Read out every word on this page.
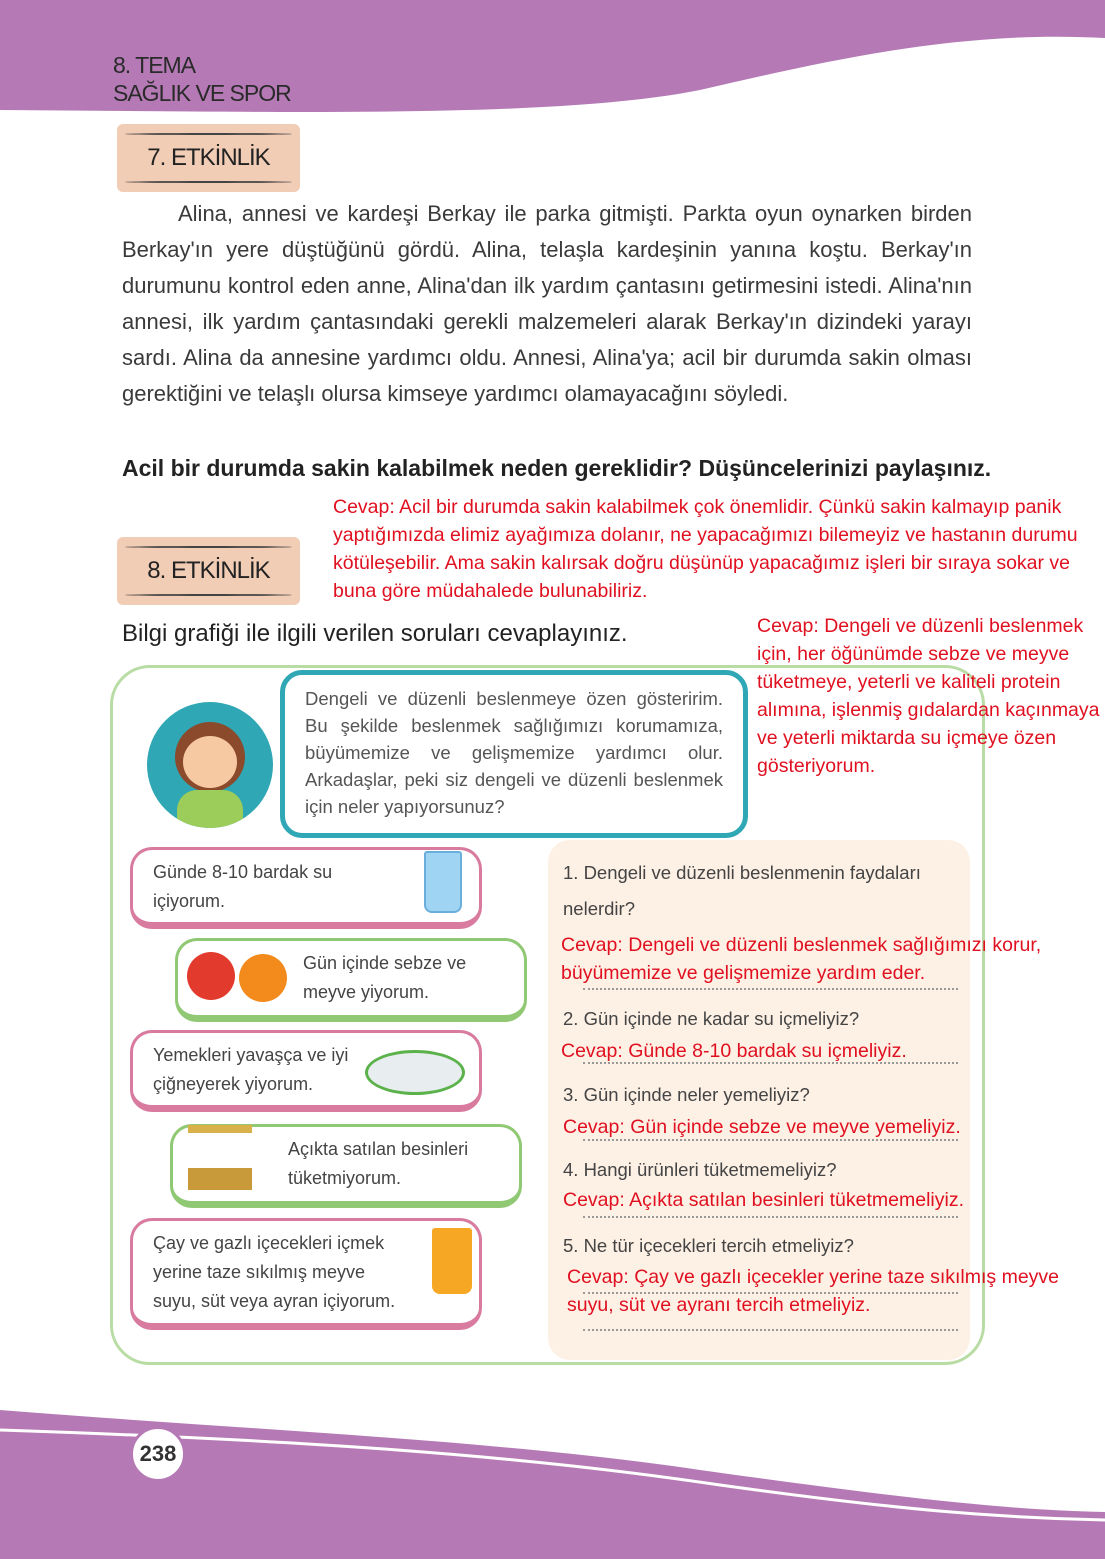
8. TEMA
SAĞLIK VE SPOR
7. ETKİNLİK
Alina, annesi ve kardeşi Berkay ile parka gitmişti. Parkta oyun oynarken birden Berkay'ın yere düştüğünü gördü. Alina, telaşla kardeşinin yanına koştu. Berkay'ın durumunu kontrol eden anne, Alina'dan ilk yardım çantasını getirmesini istedi. Alina'nın annesi, ilk yardım çantasındaki gerekli malzemeleri alarak Berkay'ın dizindeki yarayı sardı. Alina da annesine yardımcı oldu. Annesi, Alina'ya; acil bir durumda sakin olması gerektiğini ve telaşlı olursa kimseye yardımcı olamayacağını söyledi.
Acil bir durumda sakin kalabilmek neden gereklidir? Düşüncelerinizi paylaşınız.
Cevap: Acil bir durumda sakin kalabilmek çok önemlidir. Çünkü sakin kalmayıp panik yaptığımızda elimiz ayağımıza dolanır, ne yapacağımızı bilemeyiz ve hastanın durumu kötüleşebilir. Ama sakin kalırsak doğru düşünüp yapacağımız işleri bir sıraya sokar ve buna göre müdahalede bulunabiliriz.
8. ETKİNLİK
Bilgi grafiği ile ilgili verilen soruları cevaplayınız.
Dengeli ve düzenli beslenmeye özen gösteririm. Bu şekilde beslenmek sağlığımızı korumamıza, büyümemize ve gelişmemize yardımcı olur. Arkadaşlar, peki siz dengeli ve düzenli beslenmek için neler yapıyorsunuz?
Cevap: Dengeli ve düzenli beslenmek için, her öğünümde sebze ve meyve tüketmeye, yeterli ve kaliteli protein alımına, işlenmiş gıdalardan kaçınmaya ve yeterli miktarda su içmeye özen gösteriyorum.
Günde 8-10 bardak su içiyorum.
Gün içinde sebze ve meyve yiyorum.
Yemekleri yavaşça ve iyi çiğneyerek yiyorum.
Açıkta satılan besinleri tüketmiyorum.
Çay ve gazlı içecekleri içmek yerine taze sıkılmış meyve suyu, süt veya ayran içiyorum.
1. Dengeli ve düzenli beslenmenin faydaları nelerdir?
Cevap: Dengeli ve düzenli beslenmek sağlığımızı korur, büyümemize ve gelişmemize yardım eder.
2. Gün içinde ne kadar su içmeliyiz?
Cevap: Günde 8-10 bardak su içmeliyiz.
3. Gün içinde neler yemeliyiz?
Cevap: Gün içinde sebze ve meyve yemeliyiz.
4. Hangi ürünleri tüketmemeliyiz?
Cevap: Açıkta satılan besinleri tüketmemeliyiz.
5. Ne tür içecekleri tercih etmeliyiz?
Cevap: Çay ve gazlı içecekler yerine taze sıkılmış meyve suyu, süt ve ayranı tercih etmeliyiz.
238
